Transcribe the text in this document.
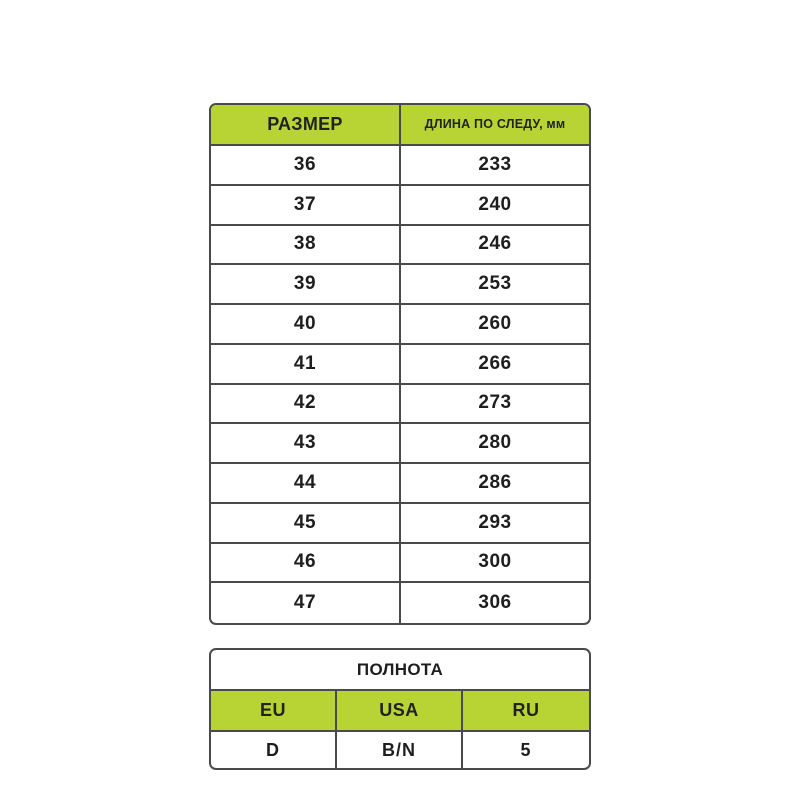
РАЗМЕР	ДЛИНА ПО СЛЕДУ, мм
36	233
37	240
38	246
39	253
40	260
41	266
42	273
43	280
44	286
45	293
46	300
47	306
ПОЛНОТА
EU	USA	RU
D	B/N	5
